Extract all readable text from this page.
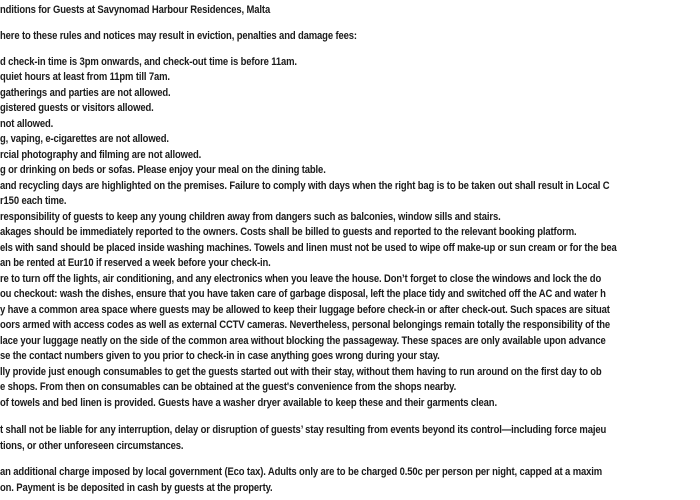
nditions for Guests at Savynomad Harbour Residences, Malta
here to these rules and notices may result in eviction, penalties and damage fees:
d check-in time is 3pm onwards, and check-out time is before 11am.
quiet hours at least from 11pm till 7am.
gatherings and parties are not allowed.
gistered guests or visitors allowed.
not allowed.
g, vaping, e-cigarettes are not allowed.
rcial photography and filming are not allowed.
g or drinking on beds or sofas. Please enjoy your meal on the dining table.
and recycling days are highlighted on the premises. Failure to comply with days when the right bag is to be taken out shall result in Local C
r150 each time.
responsibility of guests to keep any young children away from dangers such as balconies, window sills and stairs.
akages should be immediately reported to the owners. Costs shall be billed to guests and reported to the relevant booking platform.
els with sand should be placed inside washing machines. Towels and linen must not be used to wipe off make-up or sun cream or for the bea
an be rented at Eur10 if reserved a week before your check-in.
re to turn off the lights, air conditioning, and any electronics when you leave the house. Don’t forget to close the windows and lock the do
ou checkout: wash the dishes, ensure that you have taken care of garbage disposal, left the place tidy and switched off the AC and water h
y have a common area space where guests may be allowed to keep their luggage before check-in or after check-out. Such spaces are situat
oors armed with access codes as well as external CCTV cameras. Nevertheless, personal belongings remain totally the responsibility of the
lace your luggage neatly on the side of the common area without blocking the passageway. These spaces are only available upon advance
se the contact numbers given to you prior to check-in in case anything goes wrong during your stay.
lly provide just enough consumables to get the guests started out with their stay, without them having to run around on the first day to ob
e shops. From then on consumables can be obtained at the guest's convenience from the shops nearby.
of towels and bed linen is provided. Guests have a washer dryer available to keep these and their garments clean.
t shall not be liable for any interruption, delay or disruption of guests’ stay resulting from events beyond its control—including force majeu
tions, or other unforeseen circumstances.
an additional charge imposed by local government (Eco tax). Adults only are to be charged 0.50c per person per night, capped at a maxim
on. Payment is be deposited in cash by guests at the property.
